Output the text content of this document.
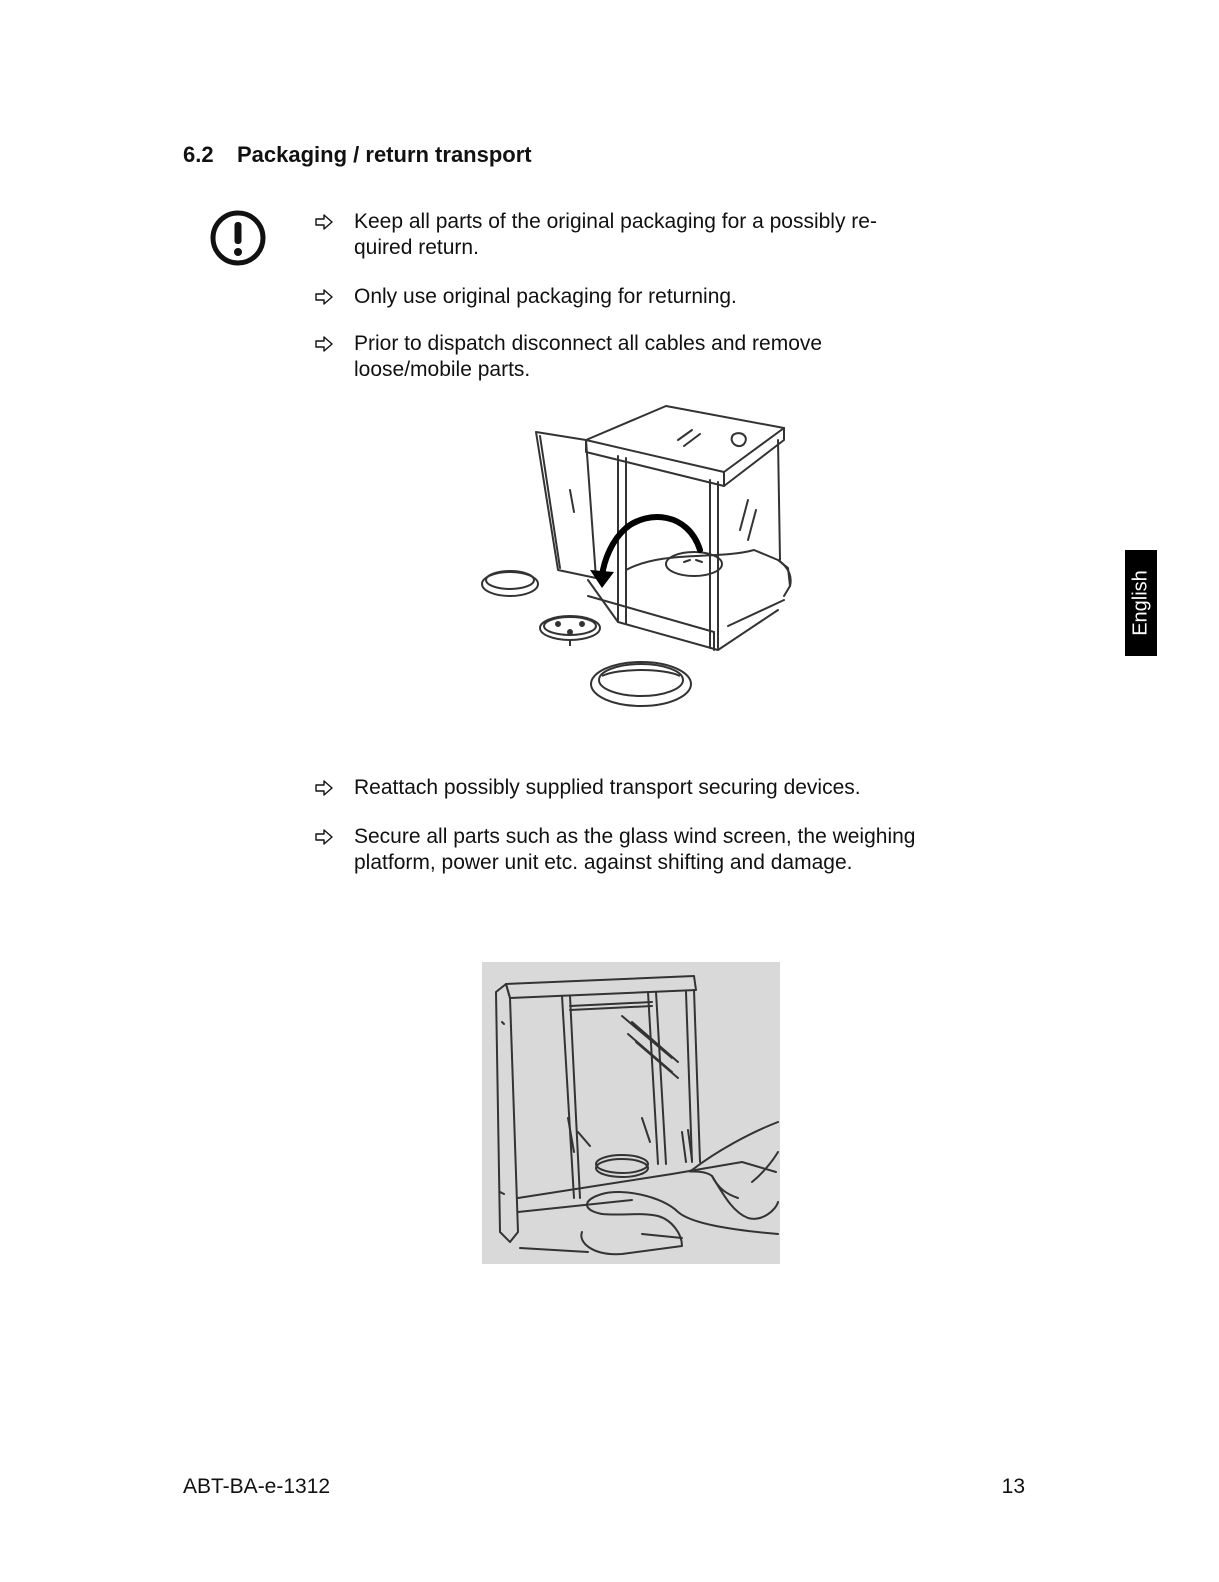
6.2 Packaging / return transport
Keep all parts of the original packaging for a possibly re-
quired return.
Only use original packaging for returning.
Prior to dispatch disconnect all cables and remove
loose/mobile parts.
Reattach possibly supplied transport securing devices.
Secure all parts such as the glass wind screen, the weighing
platform, power unit etc. against shifting and damage.
English
ABT-BA-e-1312	13
